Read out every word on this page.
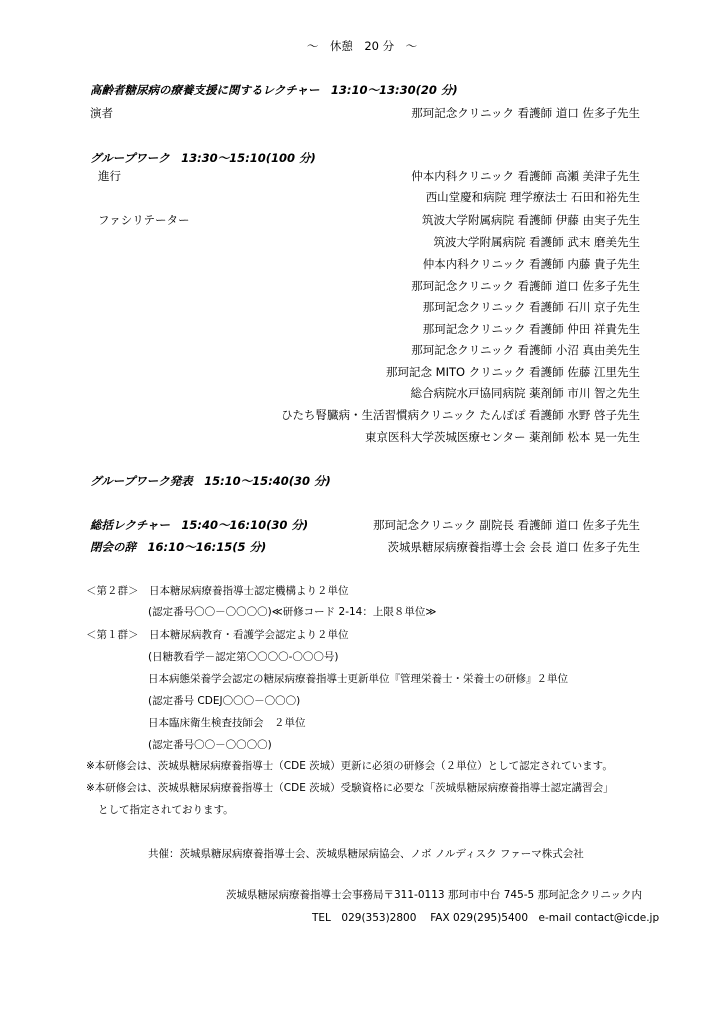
～　休憩　20 分　～
高齢者糖尿病の療養支援に関するレクチャー　13:10～13:30(20 分)
演者	那珂記念クリニック 看護師 道口 佐多子先生
グループワーク　13:30～15:10(100 分)
進行	仲本内科クリニック 看護師 高瀬 美津子先生
西山堂慶和病院 理学療法士 石田和裕先生
ファシリテーター	筑波大学附属病院 看護師 伊藤 由実子先生
筑波大学附属病院 看護師 武末 磨美先生
仲本内科クリニック 看護師 内藤 貴子先生
那珂記念クリニック 看護師 道口 佐多子先生
那珂記念クリニック 看護師 石川 京子先生
那珂記念クリニック 看護師 仲田 祥貴先生
那珂記念クリニック 看護師 小沼 真由美先生
那珂記念 MITO クリニック 看護師 佐藤 江里先生
総合病院水戸協同病院 薬剤師 市川 智之先生
ひたち腎臓病・生活習慣病クリニック たんぽぽ 看護師 水野 啓子先生
東京医科大学茨城医療センター 薬剤師 松本 晃一先生
グループワーク発表　15:10～15:40(30 分)
総括レクチャー　15:40～16:10(30 分)	那珂記念クリニック 副院長 看護師 道口 佐多子先生
閉会の辞　16:10～16:15(5 分)	茨城県糖尿病療養指導士会 会長 道口 佐多子先生
＜第２群＞　日本糖尿病療養指導士認定機構より２単位
(認定番号〇〇－〇〇〇〇)≪研修コード 2-14：上限８単位≫
＜第１群＞　日本糖尿病教育・看護学会認定より２単位
(日糖教看学－認定第〇〇〇〇-〇〇〇号)
日本病態栄養学会認定の糖尿病療養指導士更新単位『管理栄養士・栄養士の研修』２単位
(認定番号 CDEJ〇〇〇－〇〇〇)
日本臨床衛生検査技師会　２単位
(認定番号〇〇－〇〇〇〇)
※本研修会は、茨城県糖尿病療養指導士（CDE 茨城）更新に必須の研修会（２単位）として認定されています。
※本研修会は、茨城県糖尿病療養指導士（CDE 茨城）受験資格に必要な「茨城県糖尿病療養指導士認定講習会」
として指定されております。
共催：茨城県糖尿病療養指導士会、茨城県糖尿病協会、ノボ ノルディスク ファーマ株式会社
茨城県糖尿病療養指導士会事務局〒311-0113 那珂市中台 745-5 那珂記念クリニック内
TEL　029(353)2800　 FAX 029(295)5400　e-mail contact@icde.jp
